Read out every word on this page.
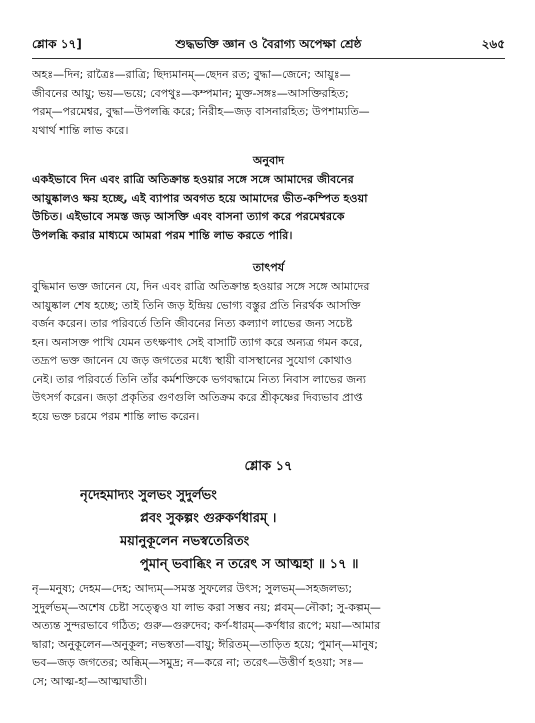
শ্লোক ১৭]	শুদ্ধভক্তি জ্ঞান ও বৈরাগ্য অপেক্ষা শ্রেষ্ঠ	২৬৫
অহঃ—দিন; রাত্রৈঃ—রাত্রি; ছিদ্যমানম্—ছেদন রত; বুদ্ধা—জেনে; আয়ুঃ—
জীবনের আয়ু; ভয়—ভয়ে; বেপথুঃ—কম্পমান; মুক্ত-সঙ্গঃ—আসক্তিরহিত;
পরম্—পরমেশ্বর, বুদ্ধা—উপলব্ধি করে; নিরীহ—জড় বাসনারহিত; উপশাম্যতি—
যথার্থ শান্তি লাভ করে।
অনুবাদ
একইভাবে দিন এবং রাত্রি অতিক্রান্ত হওয়ার সঙ্গে সঙ্গে আমাদের জীবনের
আয়ুষ্কালও ক্ষয় হচ্ছে, এই ব্যাপার অবগত হয়ে আমাদের ভীত-কম্পিত হওয়া
উচিত। এইভাবে সমস্ত জড় আসক্তি এবং বাসনা ত্যাগ করে পরমেশ্বরকে
উপলব্ধি করার মাধ্যমে আমরা পরম শান্তি লাভ করতে পারি।
তাৎপর্য
বুদ্ধিমান ভক্ত জানেন যে, দিন এবং রাত্রি অতিক্রান্ত হওয়ার সঙ্গে সঙ্গে আমাদের
আয়ুষ্কাল শেষ হচ্ছে; তাই তিনি জড় ইন্দ্রিয় ভোগ্য বস্তুর প্রতি নিরর্থক আসক্তি
বর্জন করেন। তার পরিবর্তে তিনি জীবনের নিত্য কল্যাণ লাভের জন্য সচেষ্ট
হন। অনাসক্ত পাখি যেমন তৎক্ষণাৎ সেই বাসাটি ত্যাগ করে অন্যত্র গমন করে,
তদ্রূপ ভক্ত জানেন যে জড় জগতের মধ্যে স্থায়ী বাসস্থানের সুযোগ কোথাও
নেই। তার পরিবর্তে তিনি তাঁর কর্মশক্তিকে ভগবদ্ধামে নিত্য নিবাস লাভের জন্য
উৎসর্গ করেন। জড়া প্রকৃতির গুণগুলি অতিক্রম করে শ্রীকৃষ্ণের দিব্যভাব প্রাপ্ত
হয়ে ভক্ত চরমে পরম শান্তি লাভ করেন।
শ্লোক ১৭
নৃদেহমাদ্যং সুলভং সুদুর্লভং
প্লবং সুকল্পং গুরুকর্ণধারম্ ।
ময়ানুকূলেন নভস্বতেরিতং
পুমান্ ভবাব্ধিং ন তরেৎ স আত্মহা ॥ ১৭ ॥
নৃ—মনুষ্য; দেহম—দেহ; আদ্যম্—সমস্ত সুফলের উৎস; সুলভম্—সহজলভ্য;
সুদুর্লভম্—অশেষ চেষ্টা সত্ত্বেও যা লাভ করা সম্ভব নয়; প্লবম্—নৌকা; সু-কল্পম্—
অত্যন্ত সুন্দরভাবে গঠিত; গুরু—গুরুদেব; কর্ণ-ধারম্—কর্ণধার রূপে; ময়া—আমার
দ্বারা; অনুকূলেন—অনুকূল; নভস্বতা—বায়ু; ঈরিতম্—তাড়িত হয়ে; পুমান্—মানুষ;
ভব—জড় জগতের; অব্ধিম্—সমুদ্র; ন—করে না; তরেৎ—উত্তীর্ণ হওয়া; সঃ—
সে; আত্ম-হা—আত্মঘাতী।
